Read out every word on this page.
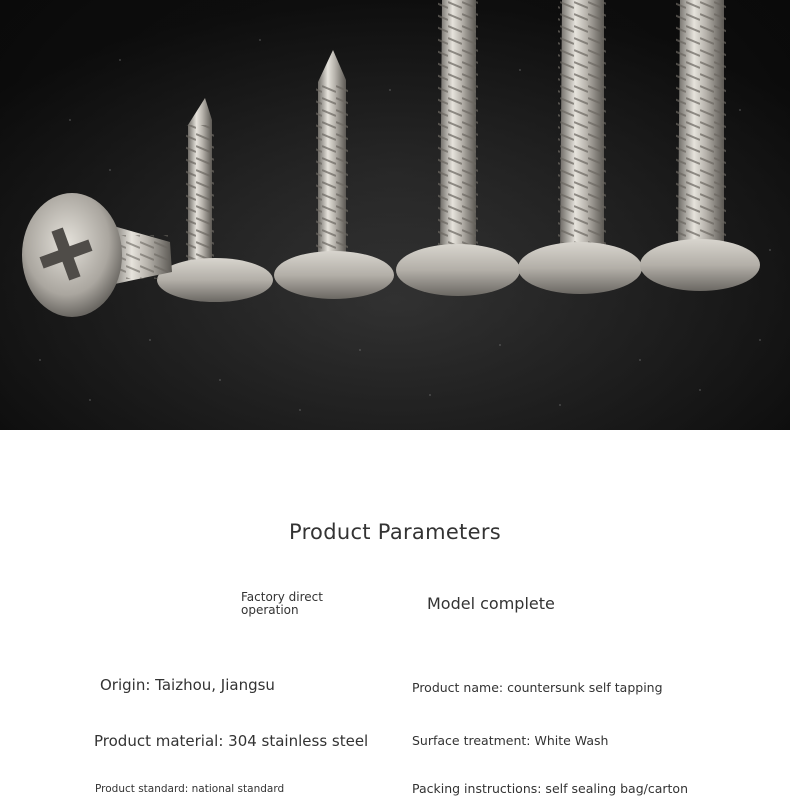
Product Parameters
Factory direct operation	Model complete
Origin: Taizhou, Jiangsu	Product name: countersunk self tapping
Product material: 304 stainless steel	Surface treatment: White Wash
Product standard: national standard	Packing instructions: self sealing bag/carton
